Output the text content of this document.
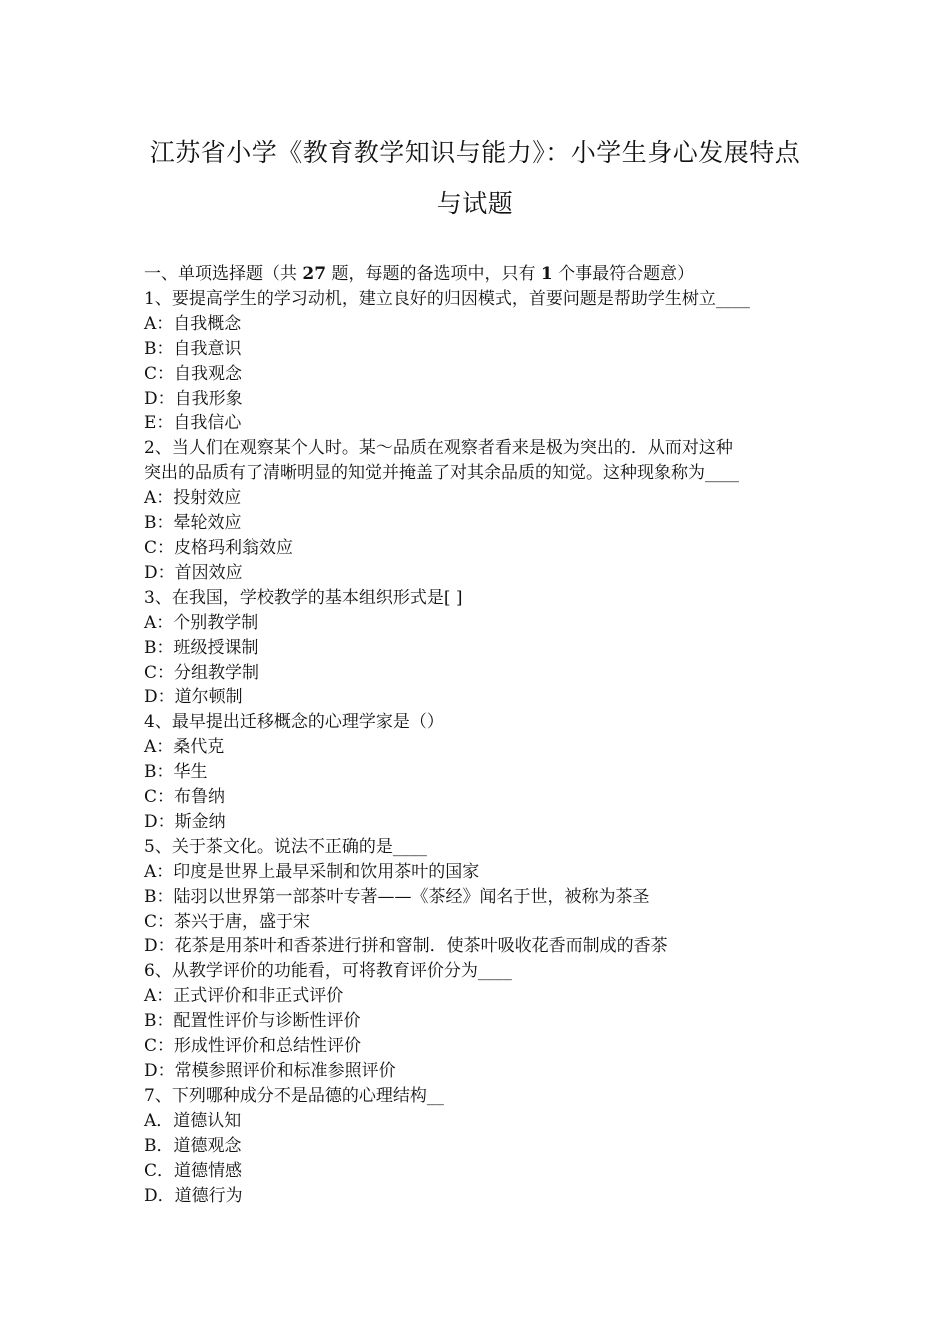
江苏省小学《教育教学知识与能力》：小学生身心发展特点
与试题
一、单项选择题（共 27 题，每题的备选项中，只有 1 个事最符合题意）
1、要提高学生的学习动机，建立良好的归因模式，首要问题是帮助学生树立____
A：自我概念
B：自我意识
C：自我观念
D：自我形象
E：自我信心
2、当人们在观察某个人时。某～品质在观察者看来是极为突出的．从而对这种
突出的品质有了清晰明显的知觉并掩盖了对其余品质的知觉。这种现象称为____
A：投射效应
B：晕轮效应
C：皮格玛利翁效应
D：首因效应
3、在我国，学校教学的基本组织形式是[ ]
A：个别教学制
B：班级授课制
C：分组教学制
D：道尔顿制
4、最早提出迁移概念的心理学家是（）
A：桑代克
B：华生
C：布鲁纳
D：斯金纳
5、关于茶文化。说法不正确的是____
A：印度是世界上最早采制和饮用茶叶的国家
B：陆羽以世界第一部茶叶专著——《茶经》闻名于世，被称为茶圣
C：茶兴于唐，盛于宋
D：花茶是用茶叶和香茶进行拼和窨制．使茶叶吸收花香而制成的香茶
6、从教学评价的功能看，可将教育评价分为____
A：正式评价和非正式评价
B：配置性评价与诊断性评价
C：形成性评价和总结性评价
D：常模参照评价和标准参照评价
7、下列哪种成分不是品德的心理结构__
A．道德认知
B．道德观念
C．道德情感
D．道德行为
